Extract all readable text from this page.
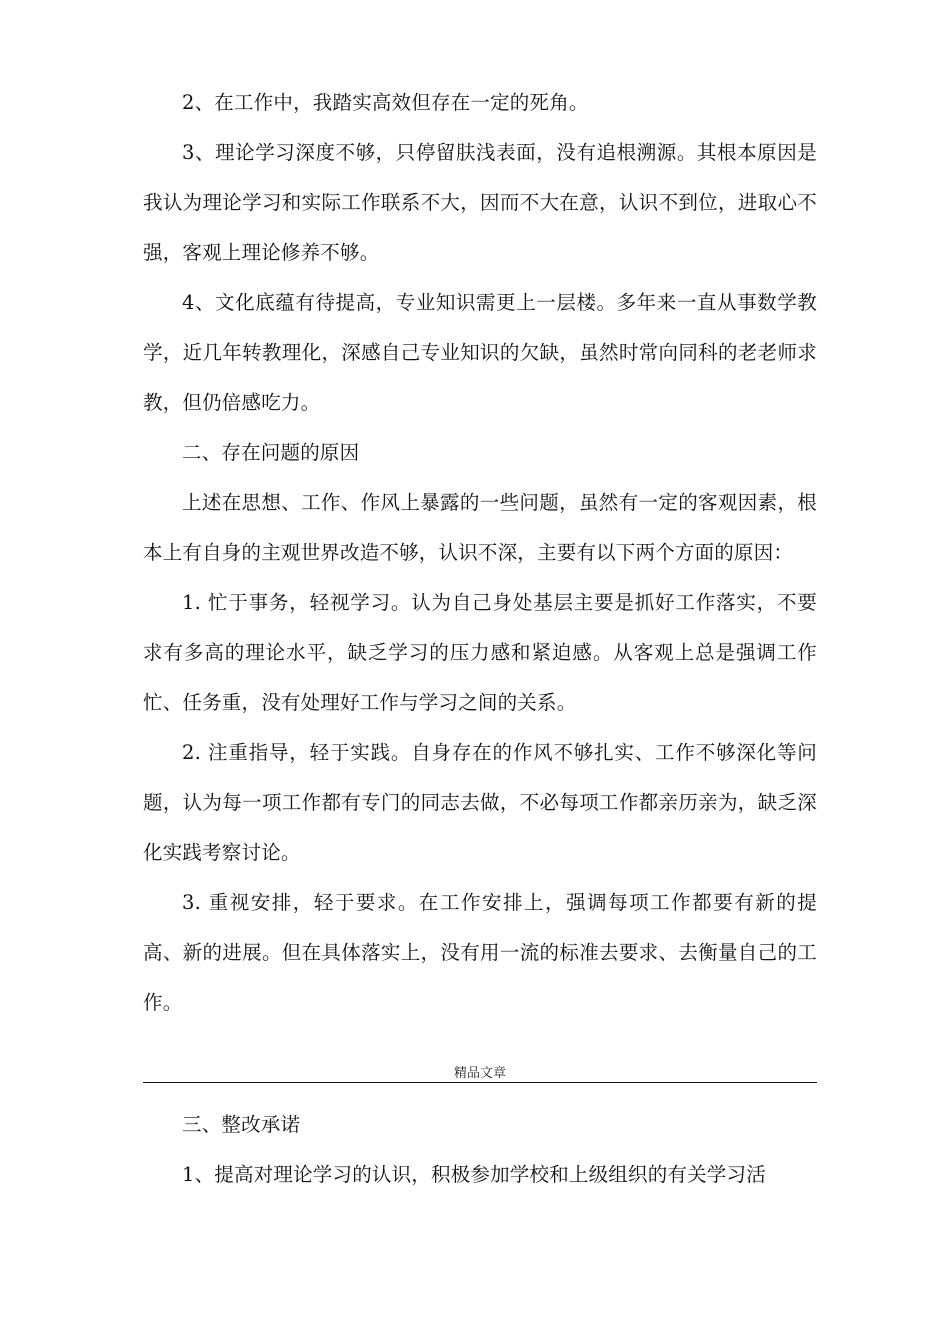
2、在工作中，我踏实高效但存在一定的死角。

3、理论学习深度不够，只停留肤浅表面，没有追根溯源。其根本原因是我认为理论学习和实际工作联系不大，因而不大在意，认识不到位，进取心不强，客观上理论修养不够。

4、文化底蕴有待提高，专业知识需更上一层楼。多年来一直从事数学教学，近几年转教理化，深感自己专业知识的欠缺，虽然时常向同科的老老师求教，但仍倍感吃力。

二、存在问题的原因

上述在思想、工作、作风上暴露的一些问题，虽然有一定的客观因素，根本上有自身的主观世界改造不够，认识不深，主要有以下两个方面的原因：

1. 忙于事务，轻视学习。认为自己身处基层主要是抓好工作落实，不要求有多高的理论水平，缺乏学习的压力感和紧迫感。从客观上总是强调工作忙、任务重，没有处理好工作与学习之间的关系。

2. 注重指导，轻于实践。自身存在的作风不够扎实、工作不够深化等问题，认为每一项工作都有专门的同志去做，不必每项工作都亲历亲为，缺乏深化实践考察讨论。

3. 重视安排，轻于要求。在工作安排上，强调每项工作都要有新的提高、新的进展。但在具体落实上，没有用一流的标准去要求、去衡量自己的工作。

精品文章

三、整改承诺

1、提高对理论学习的认识，积极参加学校和上级组织的有关学习活
